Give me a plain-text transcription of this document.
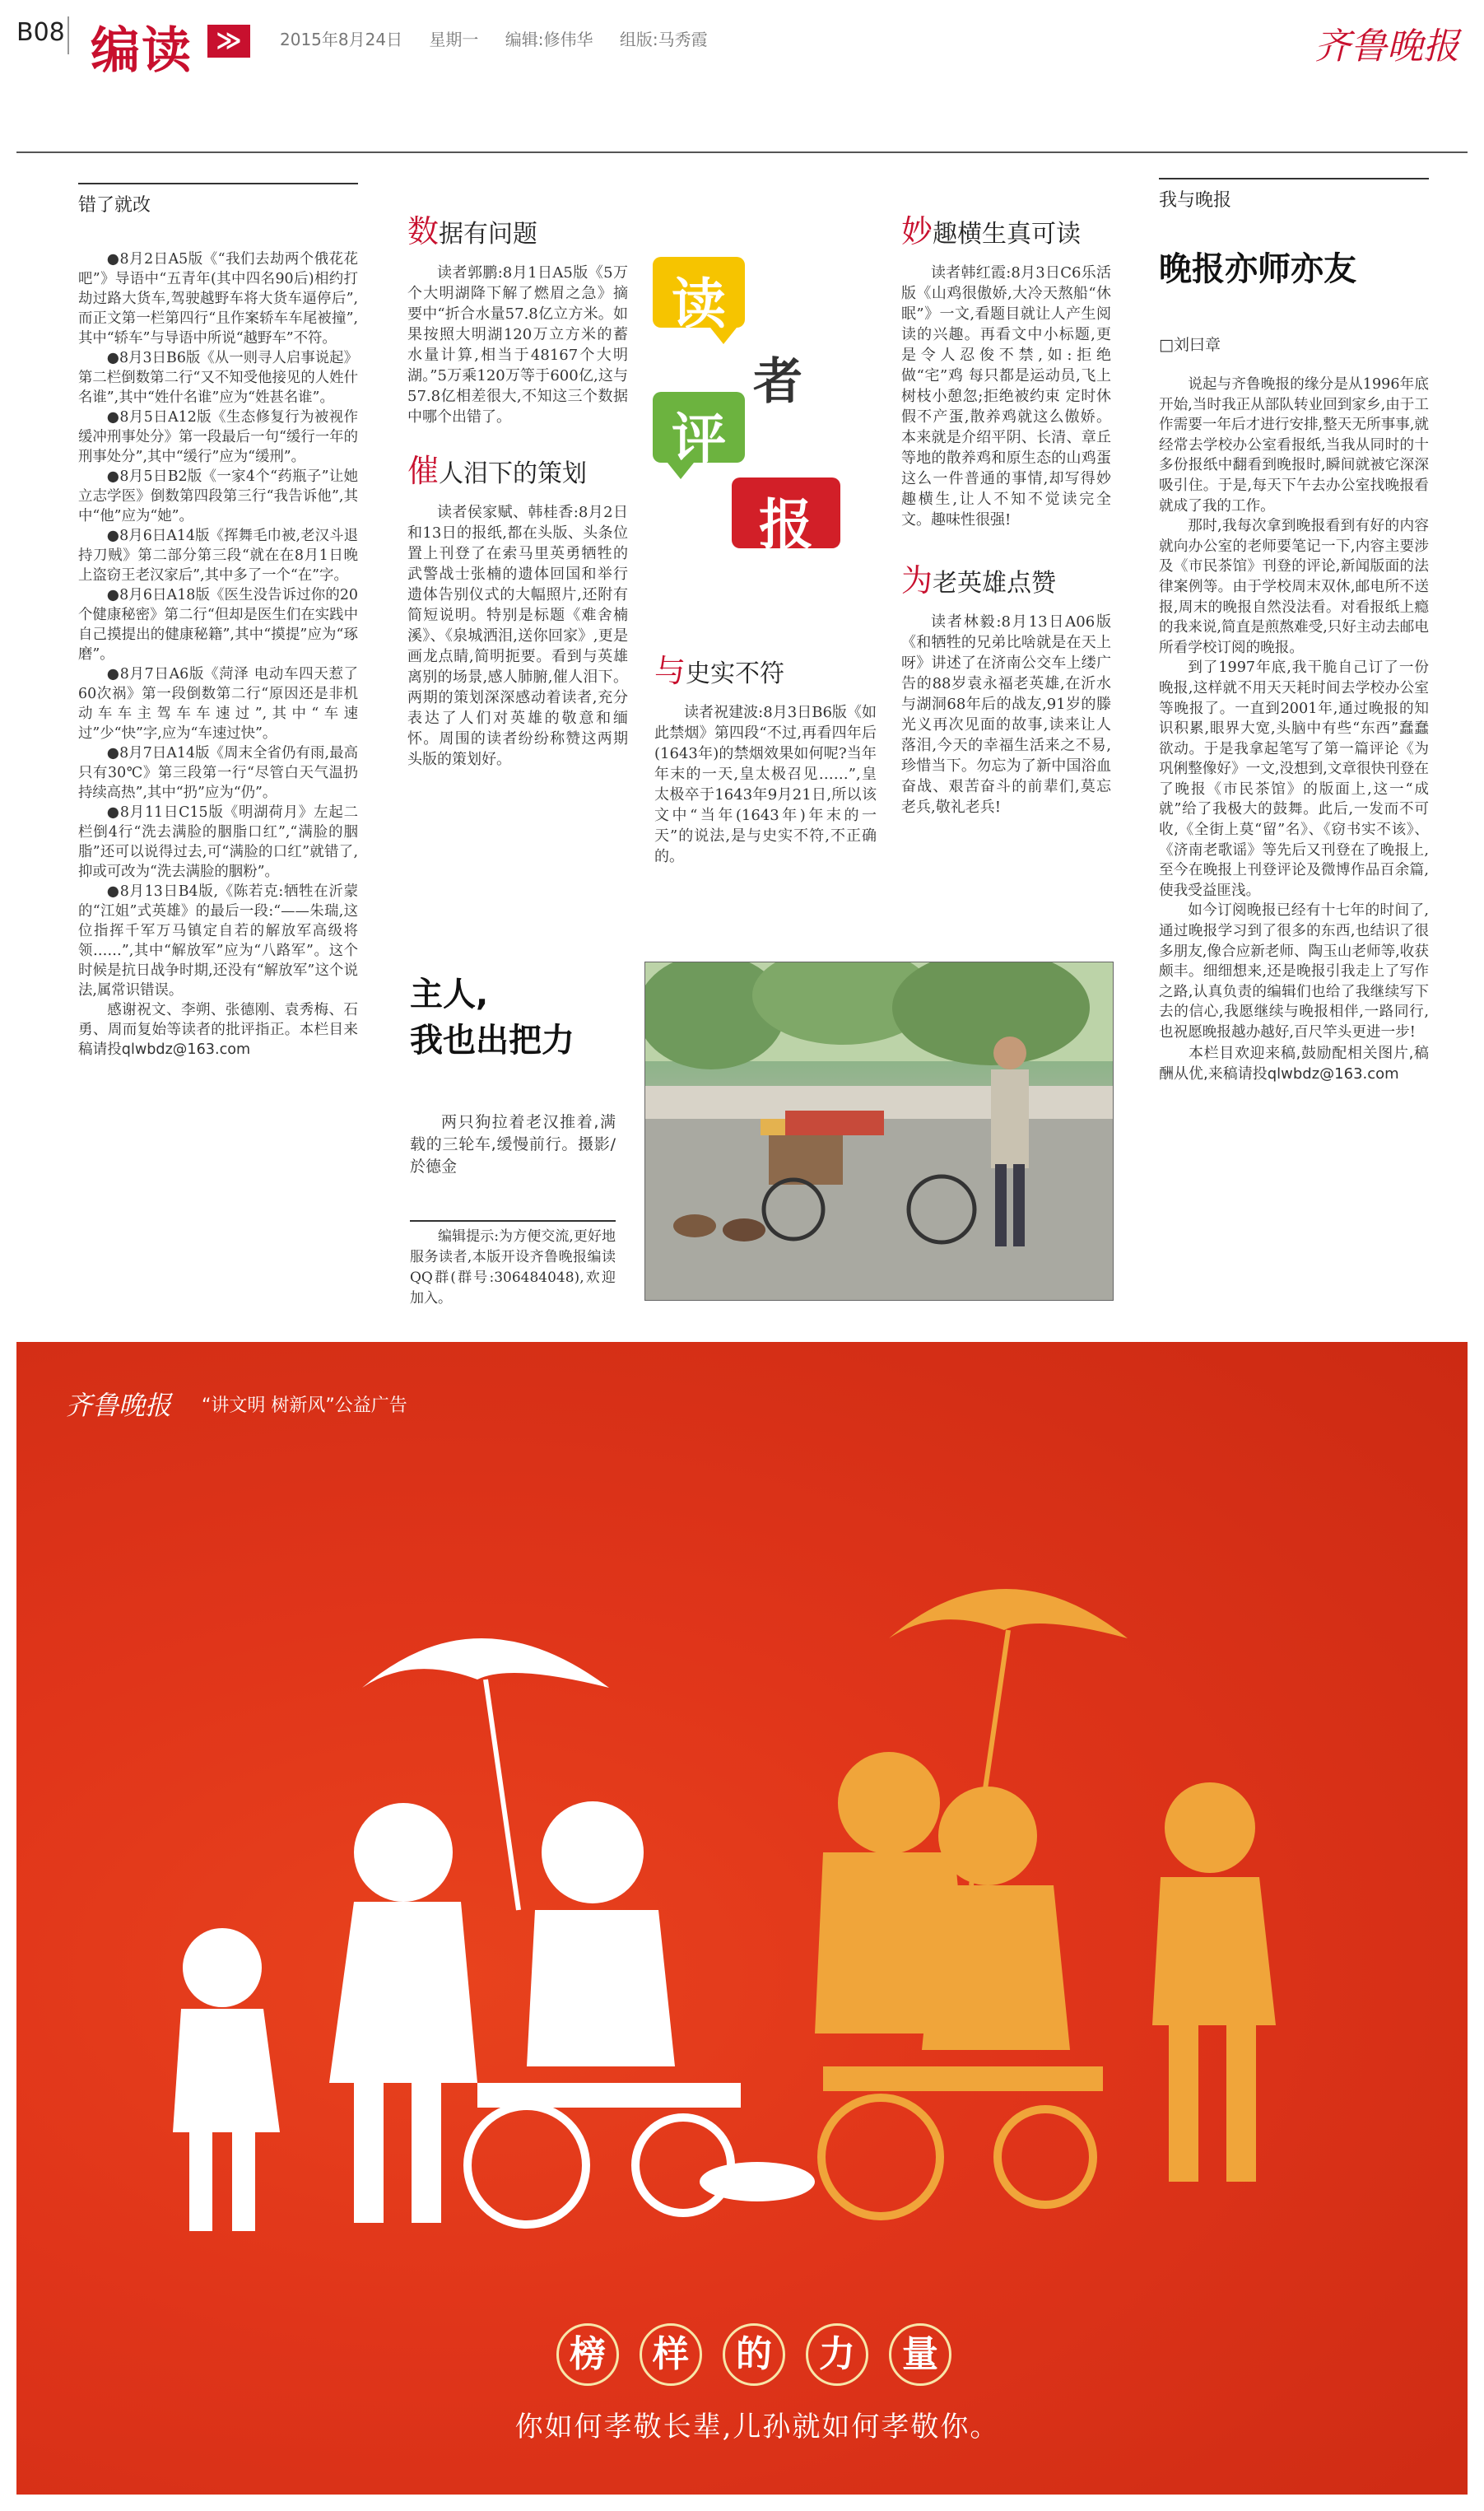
B08 编读 ≫	2015年8月24日 星期一 编辑:修伟华 组版:马秀霞	齐鲁晚报
错了就改

●8月2日A5版《“我们去劫两个俄花花吧”》导语中“五青年(其中四名90后)相约打劫过路大货车,驾驶越野车将大货车逼停后”,而正文第一栏第四行“且作案轿车车尾被撞”,其中“轿车”与导语中所说“越野车”不符。

●8月3日B6版《从一则寻人启事说起》第二栏倒数第二行“又不知受他接见的人姓什名谁”,其中“姓什名谁”应为“姓甚名谁”。

●8月5日A12版《生态修复行为被视作缓冲刑事处分》第一段最后一句“缓行一年的刑事处分”,其中“缓行”应为“缓刑”。

●8月5日B2版《一家4个“药瓶子”让她立志学医》倒数第四段第三行“我告诉他”,其中“他”应为“她”。

●8月6日A14版《挥舞毛巾被,老汉斗退持刀贼》第二部分第三段“就在在8月1日晚上盗窃王老汉家后”,其中多了一个“在”字。

●8月6日A18版《医生没告诉过你的20个健康秘密》第二行“但却是医生们在实践中自己摸提出的健康秘籍”,其中“摸提”应为“琢磨”。

●8月7日A6版《菏泽 电动车四天惹了60次祸》第一段倒数第二行“原因还是非机动车车主驾车车速过”,其中“车速过”少“快”字,应为“车速过快”。

●8月7日A14版《周末全省仍有雨,最高只有30℃》第三段第一行“尽管白天气温扔持续高热”,其中“扔”应为“仍”。

●8月11日C15版《明湖荷月》左起二栏倒4行“洗去满脸的胭脂口红”,“满脸的胭脂”还可以说得过去,可“满脸的口红”就错了,抑或可改为“洗去满脸的胭粉”。

●8月13日B4版,《陈若克:牺牲在沂蒙的“江姐”式英雄》的最后一段:“——朱瑞,这位指挥千军万马镇定自若的解放军高级将领……”,其中“解放军”应为“八路军”。这个时候是抗日战争时期,还没有“解放军”这个说法,属常识错误。

感谢祝文、李朔、张德刚、袁秀梅、石勇、周而复始等读者的批评指正。本栏目来稿请投qlwbdz@163.com
数据有问题

读者郭鹏:8月1日A5版《5万个大明湖降下解了燃眉之急》摘要中“折合水量57.8亿立方米。如果按照大明湖120万立方米的蓄水量计算,相当于48167个大明湖。”5万乘120万等于600亿,这与57.8亿相差很大,不知这三个数据中哪个出错了。

催人泪下的策划

读者侯家赋、韩桂香:8月2日和13日的报纸,都在头版、头条位置上刊登了在索马里英勇牺牲的武警战士张楠的遗体回国和举行遗体告别仪式的大幅照片,还附有简短说明。特别是标题《难舍楠溪》、《泉城洒泪,送你回家》,更是画龙点睛,简明扼要。看到与英雄离别的场景,感人肺腑,催人泪下。两期的策划深深感动着读者,充分表达了人们对英雄的敬意和缅怀。周围的读者纷纷称赞这两期头版的策划好。

读
者
评
报
与史实不符

读者祝建波:8月3日B6版《如此禁烟》第四段“不过,再看四年后(1643年)的禁烟效果如何呢?当年年末的一天,皇太极召见……”,皇太极卒于1643年9月21日,所以该文中“当年(1643年)年末的一天”的说法,是与史实不符,不正确的。

妙趣横生真可读

读者韩红霞:8月3日C6乐活版《山鸡很傲娇,大冷天熬船“休眠”》一文,看题目就让人产生阅读的兴趣。再看文中小标题,更是令人忍俊不禁,如:拒绝做“宅”鸡 每只都是运动员,飞上树枝小憩忽;拒绝被约束 定时休假不产蛋,散养鸡就这么傲娇。本来就是介绍平阴、长清、章丘等地的散养鸡和原生态的山鸡蛋这么一件普通的事情,却写得妙趣横生,让人不知不觉读完全文。趣味性很强!

为老英雄点赞

读者林毅:8月13日A06版《和牺牲的兄弟比啥就是在天上呀》讲述了在济南公交车上缕广告的88岁袁永福老英雄,在沂水与湖洞68年后的战友,91岁的滕光义再次见面的故事,读来让人落泪,今天的幸福生活来之不易,珍惜当下。勿忘为了新中国浴血奋战、艰苦奋斗的前辈们,莫忘老兵,敬礼老兵!

主人,
我也出把力
两只狗拉着老汉推着,满载的三轮车,缓慢前行。摄影/於德金
编辑提示:为方便交流,更好地服务读者,本版开设齐鲁晚报编读QQ群(群号:306484048),欢迎加入。
我与晚报
晚报亦师亦友
□刘曰章

说起与齐鲁晚报的缘分是从1996年底开始,当时我正从部队转业回到家乡,由于工作需要一年后才进行安排,整天无所事事,就经常去学校办公室看报纸,当我从同时的十多份报纸中翻看到晚报时,瞬间就被它深深吸引住。于是,每天下午去办公室找晚报看就成了我的工作。

那时,我每次拿到晚报看到有好的内容就向办公室的老师要笔记一下,内容主要涉及《市民茶馆》刊登的评论,新闻版面的法律案例等。由于学校周末双休,邮电所不送报,周末的晚报自然没法看。对看报纸上瘾的我来说,简直是煎熬难受,只好主动去邮电所看学校订阅的晚报。

到了1997年底,我干脆自己订了一份晚报,这样就不用天天耗时间去学校办公室等晚报了。一直到2001年,通过晚报的知识积累,眼界大宽,头脑中有些“东西”蠢蠢欲动。于是我拿起笔写了第一篇评论《为巩俐整像好》一文,没想到,文章很快刊登在了晚报《市民茶馆》的版面上,这一“成就”给了我极大的鼓舞。此后,一发而不可收,《全街上莫“留”名》、《窃书实不该》、《济南老歌谣》等先后又刊登在了晚报上,至今在晚报上刊登评论及微博作品百余篇,使我受益匪浅。

如今订阅晚报已经有十七年的时间了,通过晚报学习到了很多的东西,也结识了很多朋友,像合应新老师、陶玉山老师等,收获颇丰。细细想来,还是晚报引我走上了写作之路,认真负责的编辑们也给了我继续写下去的信心,我愿继续与晚报相伴,一路同行,也祝愿晚报越办越好,百尺竿头更进一步!

本栏目欢迎来稿,鼓励配相关图片,稿酬从优,来稿请投qlwbdz@163.com
齐鲁晚报 “讲文明 树新风”公益广告
榜	样	的	力	量
你如何孝敬长辈,儿孙就如何孝敬你。
